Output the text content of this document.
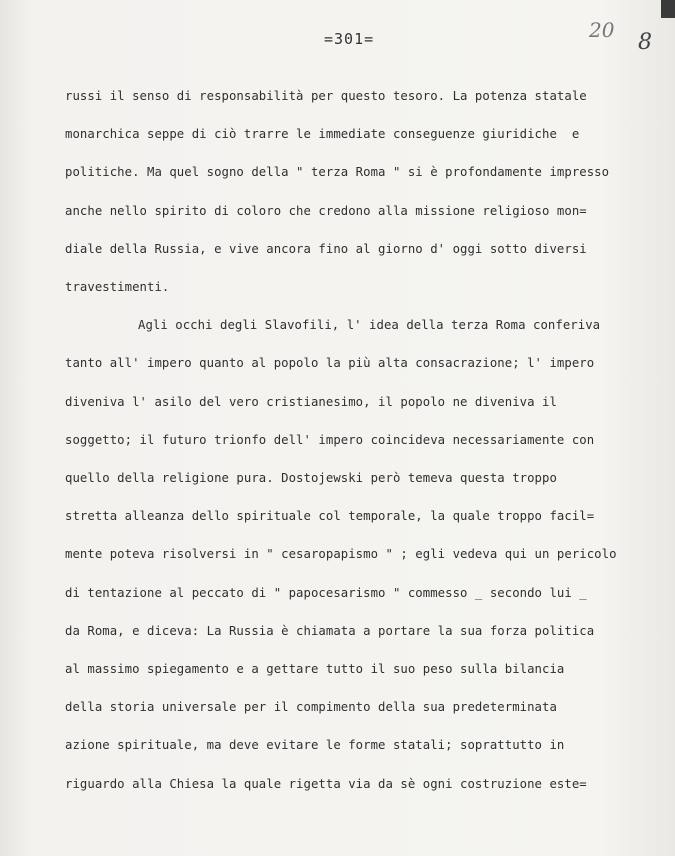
=301=	20 8
russi il senso di responsabilità per questo tesoro. La potenza statale
monarchica seppe di ciò trarre le immediate conseguenze giuridiche  e
politiche. Ma quel sogno della " terza Roma " si è profondamente impresso
anche nello spirito di coloro che credono alla missione religioso mon=
diale della Russia, e vive ancora fino al giorno d' oggi sotto diversi
travestimenti.
Agli occhi degli Slavofili, l' idea della terza Roma conferiva
tanto all' impero quanto al popolo la più alta consacrazione; l' impero
diveniva l' asilo del vero cristianesimo, il popolo ne diveniva il
soggetto; il futuro trionfo dell' impero coincideva necessariamente con
quello della religione pura. Dostojewski però temeva questa troppo
stretta alleanza dello spirituale col temporale, la quale troppo facil=
mente poteva risolversi in " cesaropapismo " ; egli vedeva qui un pericolo
di tentazione al peccato di " papocesarismo " commesso _ secondo lui _
da Roma, e diceva: La Russia è chiamata a portare la sua forza politica
al massimo spiegamento e a gettare tutto il suo peso sulla bilancia
della storia universale per il compimento della sua predeterminata
azione spirituale, ma deve evitare le forme statali; soprattutto in
riguardo alla Chiesa la quale rigetta via da sè ogni costruzione este=
